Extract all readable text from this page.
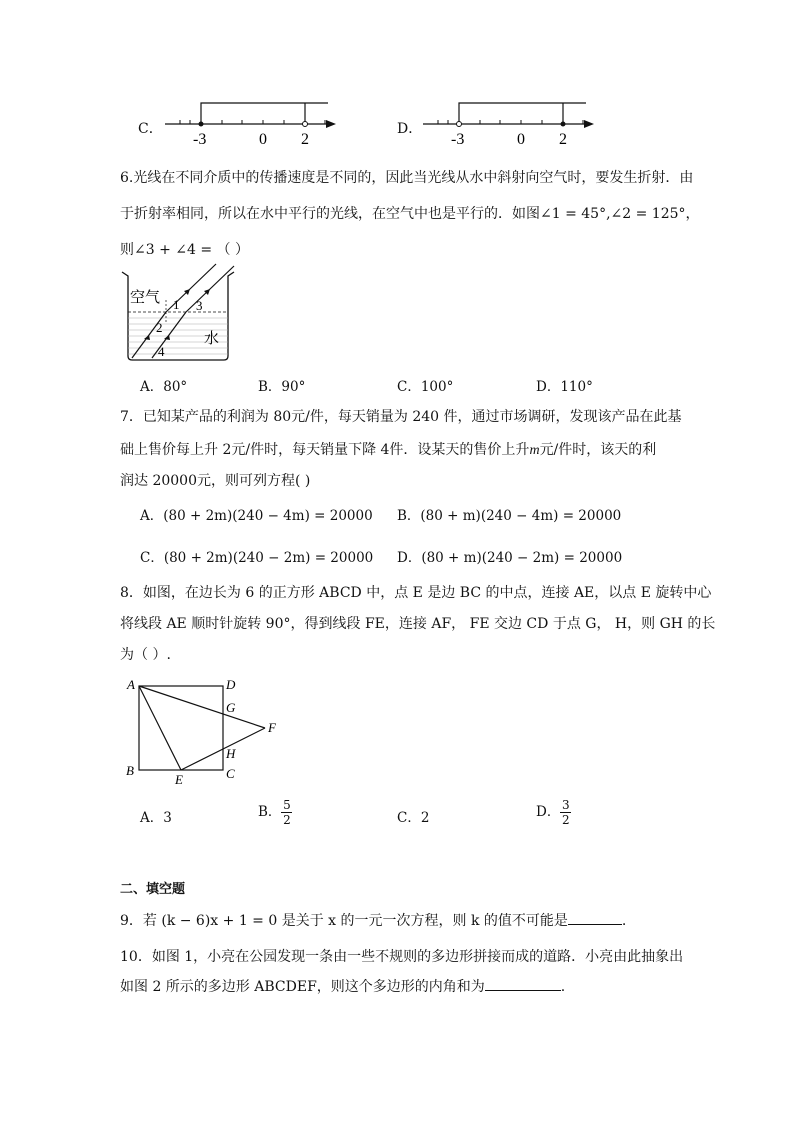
C．
-3	0 2
D．
-3	0 2
6.光线在不同介质中的传播速度是不同的，因此当光线从水中斜射向空气时，要发生折射．由
于折射率相同，所以在水中平行的光线，在空气中也是平行的．如图∠1 = 45°,∠2 = 125°，
则∠3 + ∠4 = （ ）
空气
水
1
2
3
4
A．80°	B．90°	C．100°	D．110°
7．已知某产品的利润为 80元/件，每天销量为 240 件，通过市场调研，发现该产品在此基
础上售价每上升 2元/件时，每天销量下降 4件．设某天的售价上升m元/件时，该天的利
润达 20000元，则可列方程( )
A．(80 + 2m)(240 − 4m) = 20000 B．(80 + m)(240 − 4m) = 20000
C．(80 + 2m)(240 − 2m) = 20000 D．(80 + m)(240 − 2m) = 20000
8．如图，在边长为 6 的正方形 ABCD 中，点 E 是边 BC 的中点，连接 AE，以点 E 旋转中心
将线段 AE 顺时针旋转 90°，得到线段 FE，连接 AF， FE 交边 CD 于点 G， H，则 GH 的长
为（ ）.
A	D
B	C
E
F
G
H
A．3	B． $\frac{5}{2}$	C．2	D． $\frac{3}{2}$
二、填空题
9．若 (k − 6)x + 1 = 0 是关于 x 的一元一次方程，则 k 的值不可能是	.
10．如图 1，小亮在公园发现一条由一些不规则的多边形拼接而成的道路．小亮由此抽象出
如图 2 所示的多边形 ABCDEF，则这个多边形的内角和为	.
